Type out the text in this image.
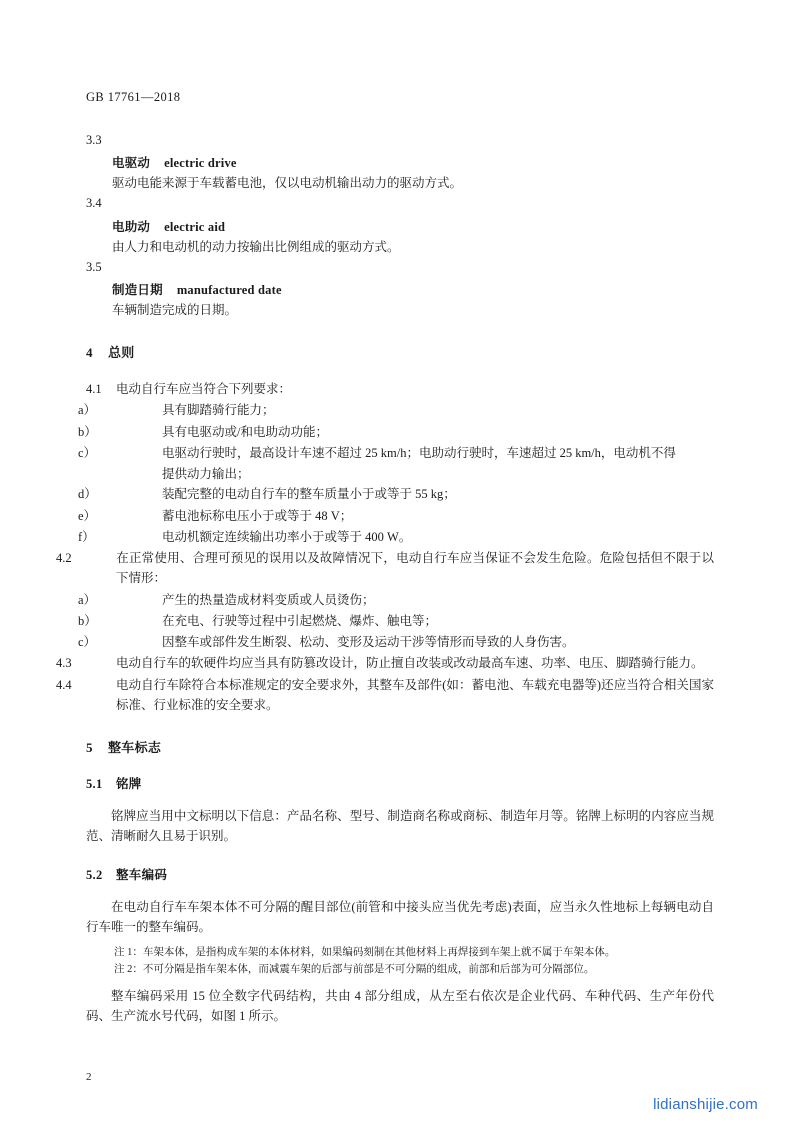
GB 17761—2018
3.3
电驱动 electric drive
驱动电能来源于车载蓄电池，仅以电动机输出动力的驱动方式。
3.4
电助动 electric aid
由人力和电动机的动力按输出比例组成的驱动方式。
3.5
制造日期 manufactured date
车辆制造完成的日期。
4 总则
4.1 电动自行车应当符合下列要求：
a）	具有脚踏骑行能力；
b）	具有电驱动或/和电助动功能；
c）	电驱动行驶时，最高设计车速不超过 25 km/h；电助动行驶时，车速超过 25 km/h，电动机不得
提供动力输出；
d）	装配完整的电动自行车的整车质量小于或等于 55 kg；
e）	蓄电池标称电压小于或等于 48 V；
f）	电动机额定连续输出功率小于或等于 400 W。
4.2	在正常使用、合理可预见的误用以及故障情况下，电动自行车应当保证不会发生危险。危险包括但不限于以下情形：
a）	产生的热量造成材料变质或人员烫伤；
b）	在充电、行驶等过程中引起燃烧、爆炸、触电等；
c）	因整车或部件发生断裂、松动、变形及运动干涉等情形而导致的人身伤害。
4.3	电动自行车的软硬件均应当具有防篡改设计，防止擅自改装或改动最高车速、功率、电压、脚踏骑行能力。
4.4	电动自行车除符合本标准规定的安全要求外，其整车及部件(如：蓄电池、车载充电器等)还应当符合相关国家标准、行业标准的安全要求。
5 整车标志
5.1 铭牌
铭牌应当用中文标明以下信息：产品名称、型号、制造商名称或商标、制造年月等。铭牌上标明的内容应当规范、清晰耐久且易于识别。
5.2 整车编码
在电动自行车车架本体不可分隔的醒目部位(前管和中接头应当优先考虑)表面，应当永久性地标上每辆电动自行车唯一的整车编码。
注 1：车架本体，是指构成车架的本体材料，如果编码刻制在其他材料上再焊接到车架上就不属于车架本体。
注 2：不可分隔是指车架本体，而减震车架的后部与前部是不可分隔的组成，前部和后部为可分隔部位。
整车编码采用 15 位全数字代码结构，共由 4 部分组成，从左至右依次是企业代码、车种代码、生产年份代码、生产流水号代码，如图 1 所示。
2
lidianshijie.com
